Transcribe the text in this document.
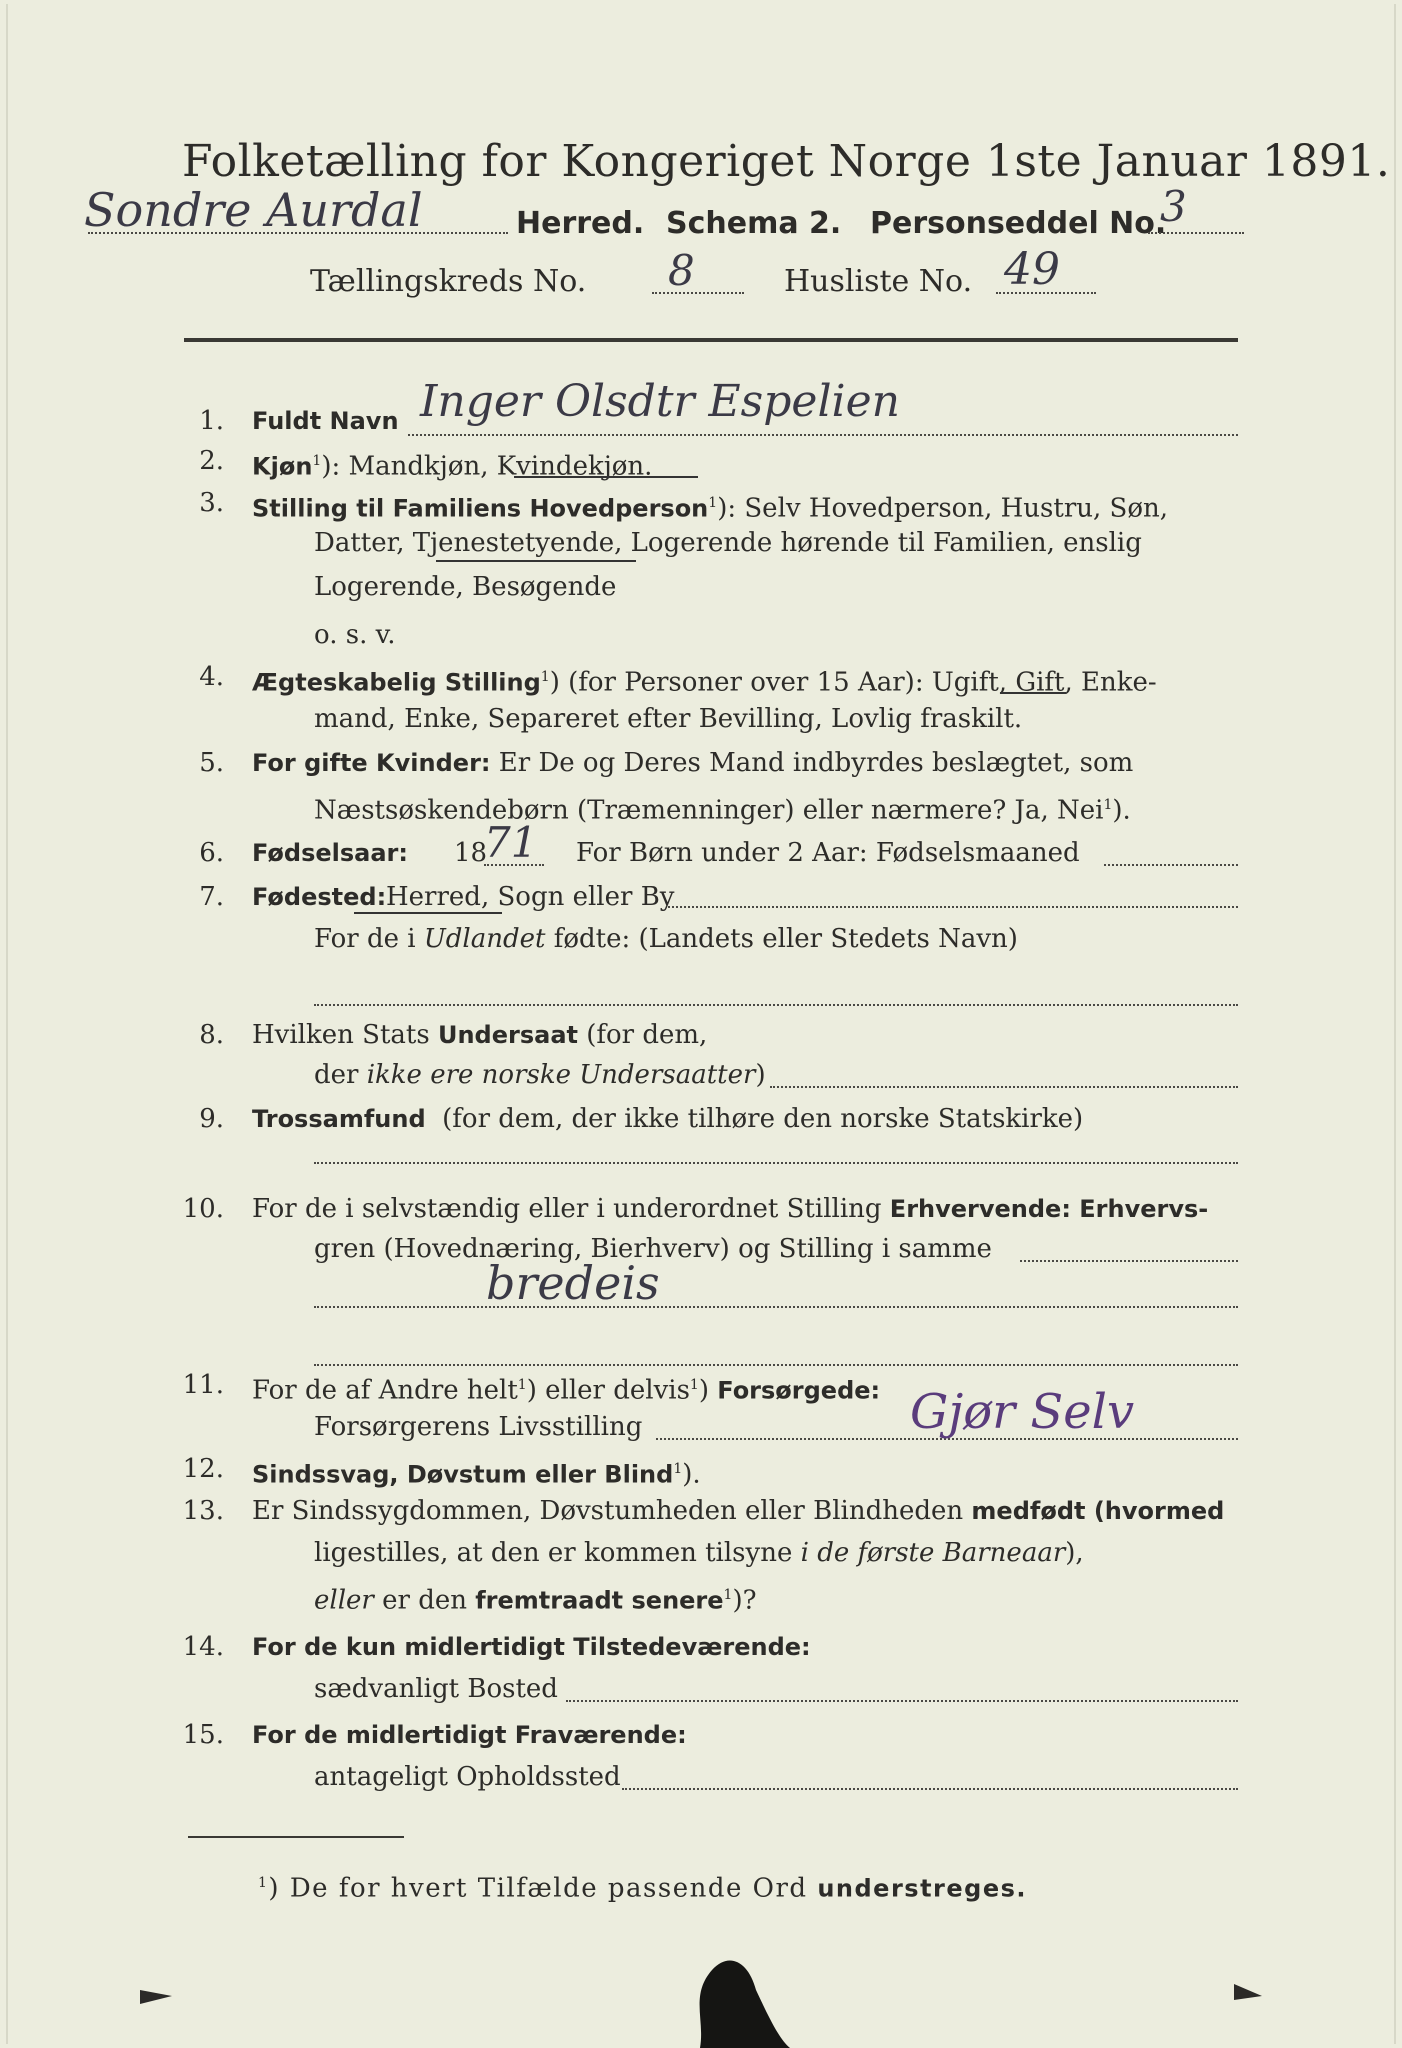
Folketælling for Kongeriget Norge 1ste Januar 1891.
Sondre Aurdal	Herred. Schema 2. Personseddel No.
3
Tællingskreds No. 8	Husliste No. 49
1. Fuldt Navn Inger Olsdtr Espelien
2. Kjøn$^1$): Mandkjøn, Kvindekjøn.
3. Stilling til Familiens Hovedperson$^1$): Selv Hovedperson, Hustru, Søn,
Datter, Tjenestetyende, Logerende hørende til Familien, enslig
Logerende, Besøgende
o. s. v.
4. Ægteskabelig Stilling$^1$) (for Personer over 15 Aar): Ugift, Gift, Enke-
mand, Enke, Separeret efter Bevilling, Lovlig fraskilt.
5. For gifte Kvinder: Er De og Deres Mand indbyrdes beslægtet, som
Næstsøskendebørn (Træmenninger) eller nærmere? Ja, Nei$^1$).
6. Fødselsaar: 18
71 For Børn under 2 Aar: Fødselsmaaned
7. Fødested: Herred, Sogn eller By
For de i Udlandet fødte: (Landets eller Stedets Navn)
8. Hvilken Stats Undersaat (for dem,
der ikke ere norske Undersaatter)
9. Trossamfund (for dem, der ikke tilhøre den norske Statskirke)
10. For de i selvstændig eller i underordnet Stilling Erhvervende: Erhvervs-
gren (Hovednæring, Bierhverv) og Stilling i samme
bredeis
11. For de af Andre helt$^1$) eller delvis$^1$) Forsørgede:
Forsørgerens Livsstilling	Gjør Selv
12. Sindssvag, Døvstum eller Blind$^1$).
13. Er Sindssygdommen, Døvstumheden eller Blindheden medfødt (hvormed
ligestilles, at den er kommen tilsyne i de første Barneaar),
eller er den fremtraadt senere$^1$)?
14. For de kun midlertidigt Tilstedeværende:
sædvanligt Bosted
15. For de midlertidigt Fraværende:
antageligt Opholdssted
$^1$) De for hvert Tilfælde passende Ord understreges.
